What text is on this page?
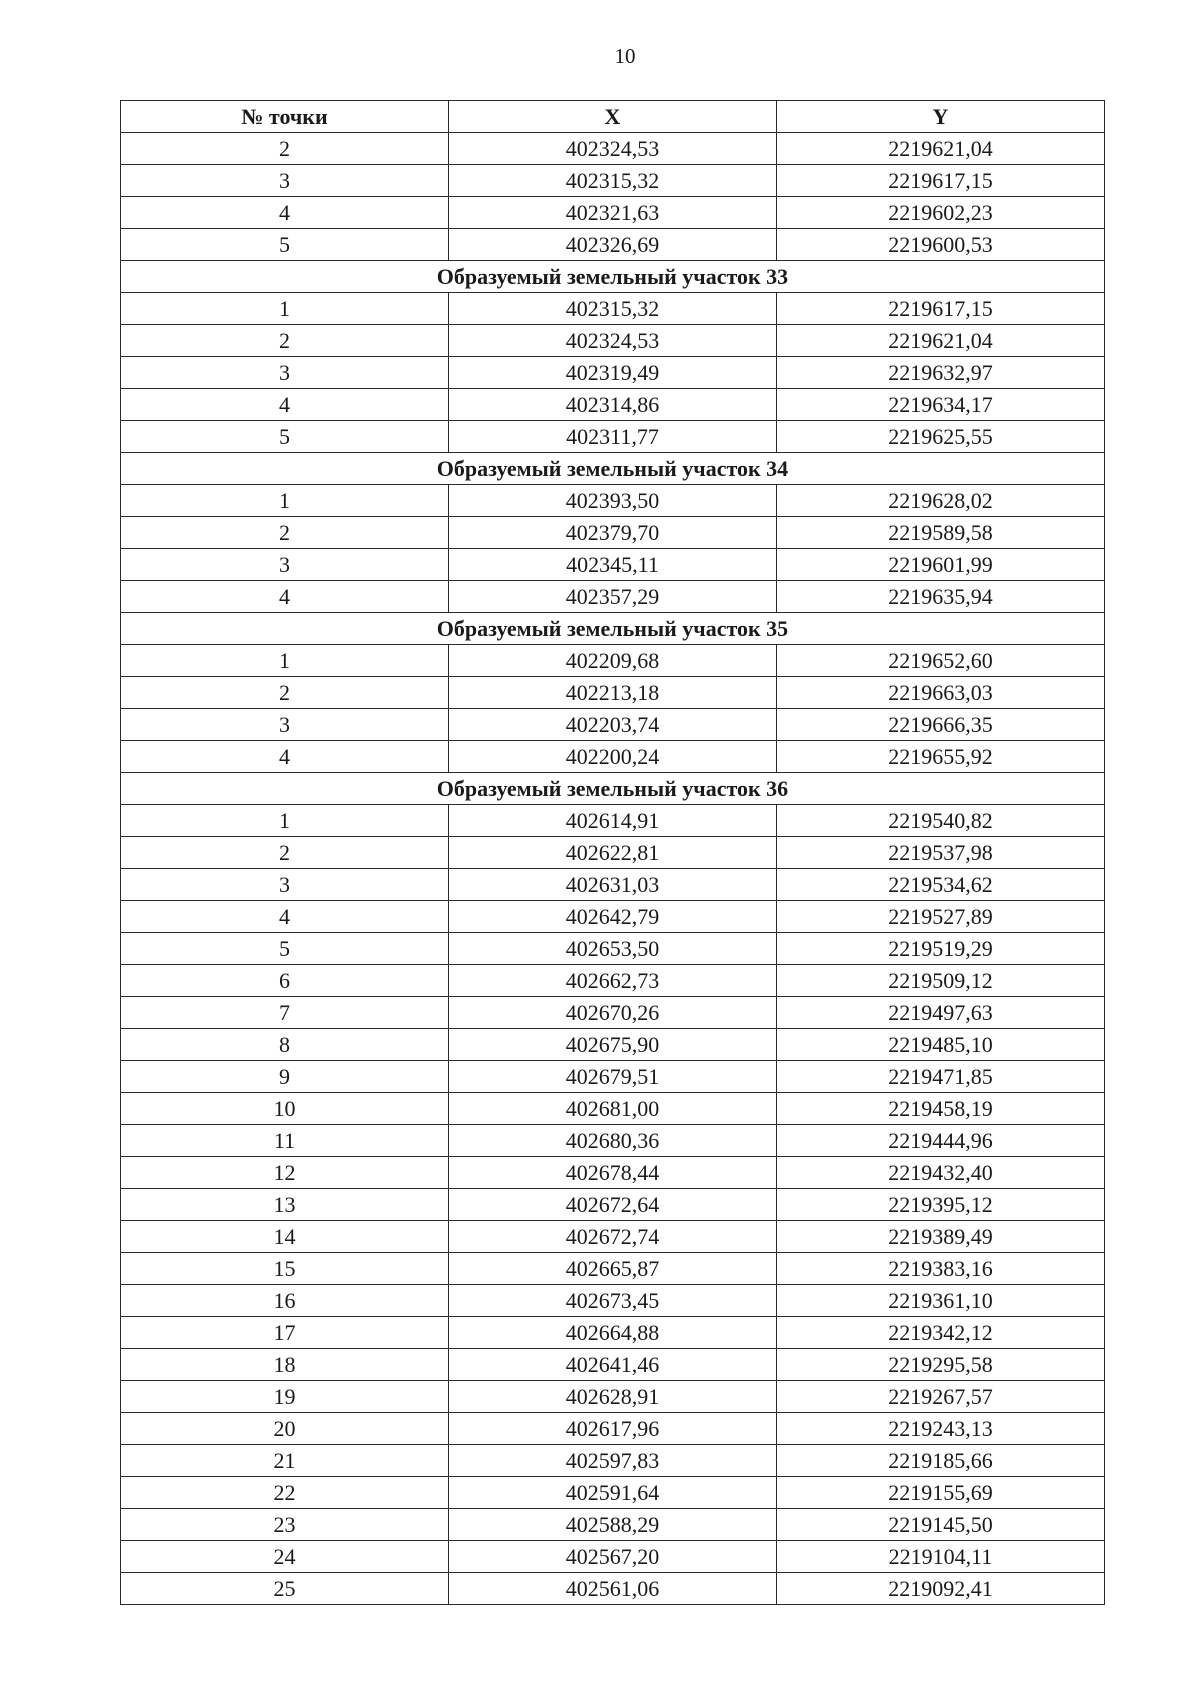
10
№ точки	X	Y
2	402324,53	2219621,04
3	402315,32	2219617,15
4	402321,63	2219602,23
5	402326,69	2219600,53
Образуемый земельный участок 33		
1	402315,32	2219617,15
2	402324,53	2219621,04
3	402319,49	2219632,97
4	402314,86	2219634,17
5	402311,77	2219625,55
Образуемый земельный участок 34		
1	402393,50	2219628,02
2	402379,70	2219589,58
3	402345,11	2219601,99
4	402357,29	2219635,94
Образуемый земельный участок 35		
1	402209,68	2219652,60
2	402213,18	2219663,03
3	402203,74	2219666,35
4	402200,24	2219655,92
Образуемый земельный участок 36		
1	402614,91	2219540,82
2	402622,81	2219537,98
3	402631,03	2219534,62
4	402642,79	2219527,89
5	402653,50	2219519,29
6	402662,73	2219509,12
7	402670,26	2219497,63
8	402675,90	2219485,10
9	402679,51	2219471,85
10	402681,00	2219458,19
11	402680,36	2219444,96
12	402678,44	2219432,40
13	402672,64	2219395,12
14	402672,74	2219389,49
15	402665,87	2219383,16
16	402673,45	2219361,10
17	402664,88	2219342,12
18	402641,46	2219295,58
19	402628,91	2219267,57
20	402617,96	2219243,13
21	402597,83	2219185,66
22	402591,64	2219155,69
23	402588,29	2219145,50
24	402567,20	2219104,11
25	402561,06	2219092,41
